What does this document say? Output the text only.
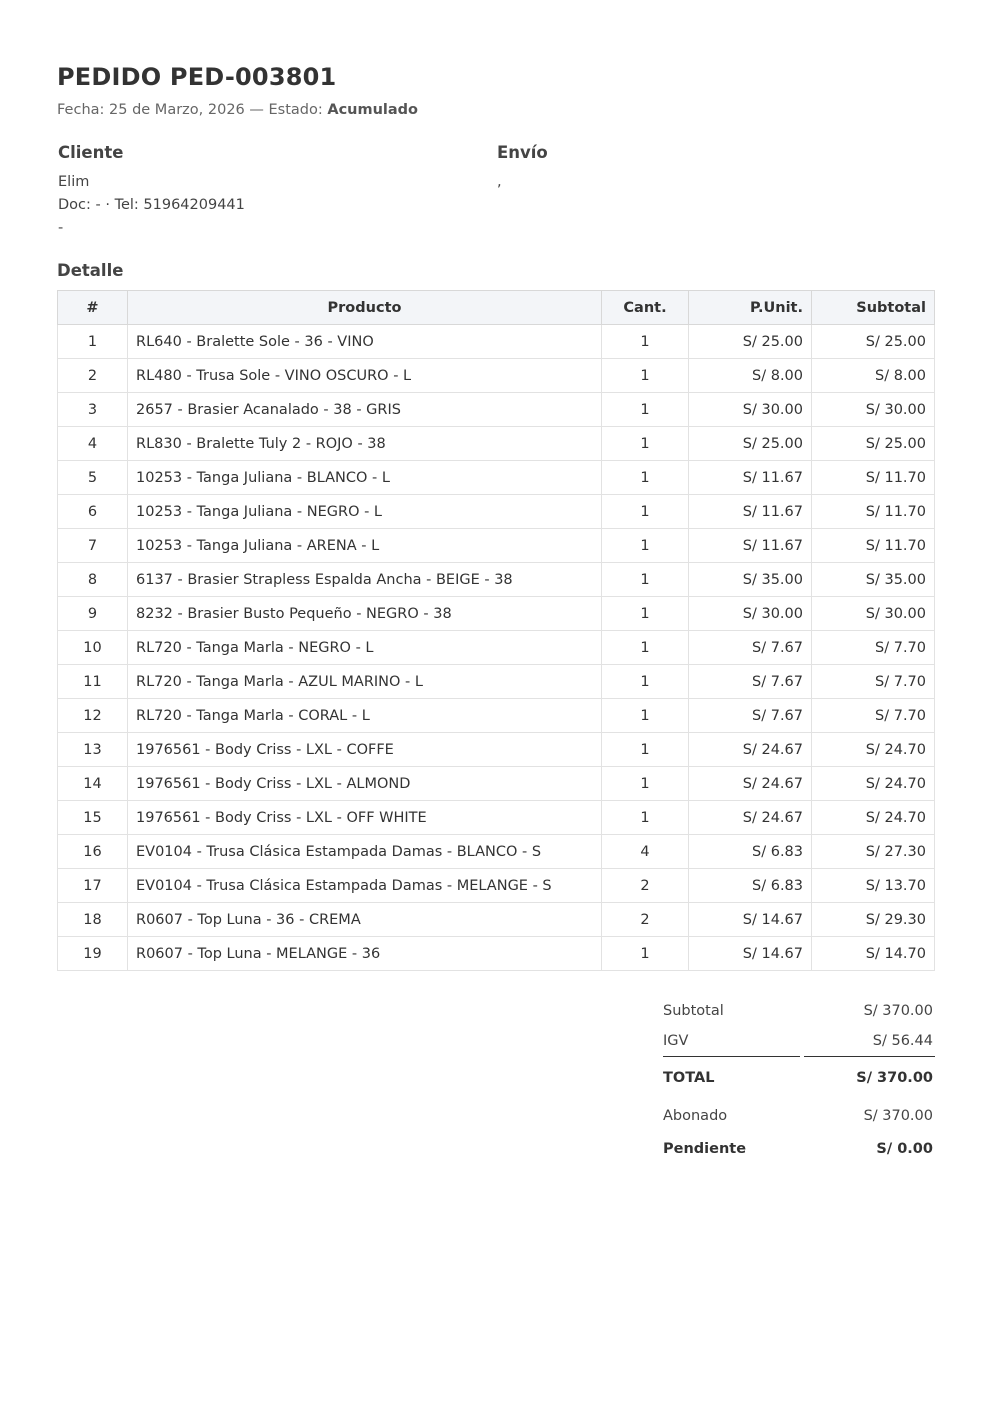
PEDIDO PED-003801
Fecha: 25 de Marzo, 2026 — Estado: Acumulado
Cliente
Elim
Doc: - · Tel: 51964209441
-
Envío
,
Detalle
#	Producto	Cant.	P.Unit.	Subtotal
1	RL640 - Bralette Sole - 36 - VINO	1	S/ 25.00	S/ 25.00
2	RL480 - Trusa Sole - VINO OSCURO - L	1	S/ 8.00	S/ 8.00
3	2657 - Brasier Acanalado - 38 - GRIS	1	S/ 30.00	S/ 30.00
4	RL830 - Bralette Tuly 2 - ROJO - 38	1	S/ 25.00	S/ 25.00
5	10253 - Tanga Juliana - BLANCO - L	1	S/ 11.67	S/ 11.70
6	10253 - Tanga Juliana - NEGRO - L	1	S/ 11.67	S/ 11.70
7	10253 - Tanga Juliana - ARENA - L	1	S/ 11.67	S/ 11.70
8	6137 - Brasier Strapless Espalda Ancha - BEIGE - 38	1	S/ 35.00	S/ 35.00
9	8232 - Brasier Busto Pequeño - NEGRO - 38	1	S/ 30.00	S/ 30.00
10	RL720 - Tanga Marla - NEGRO - L	1	S/ 7.67	S/ 7.70
11	RL720 - Tanga Marla - AZUL MARINO - L	1	S/ 7.67	S/ 7.70
12	RL720 - Tanga Marla - CORAL - L	1	S/ 7.67	S/ 7.70
13	1976561 - Body Criss - LXL - COFFE	1	S/ 24.67	S/ 24.70
14	1976561 - Body Criss - LXL - ALMOND	1	S/ 24.67	S/ 24.70
15	1976561 - Body Criss - LXL - OFF WHITE	1	S/ 24.67	S/ 24.70
16	EV0104 - Trusa Clásica Estampada Damas - BLANCO - S	4	S/ 6.83	S/ 27.30
17	EV0104 - Trusa Clásica Estampada Damas - MELANGE - S	2	S/ 6.83	S/ 13.70
18	R0607 - Top Luna - 36 - CREMA	2	S/ 14.67	S/ 29.30
19	R0607 - Top Luna - MELANGE - 36	1	S/ 14.67	S/ 14.70
Subtotal	S/ 370.00
IGV	S/ 56.44
TOTAL	S/ 370.00
Abonado	S/ 370.00
Pendiente	S/ 0.00
